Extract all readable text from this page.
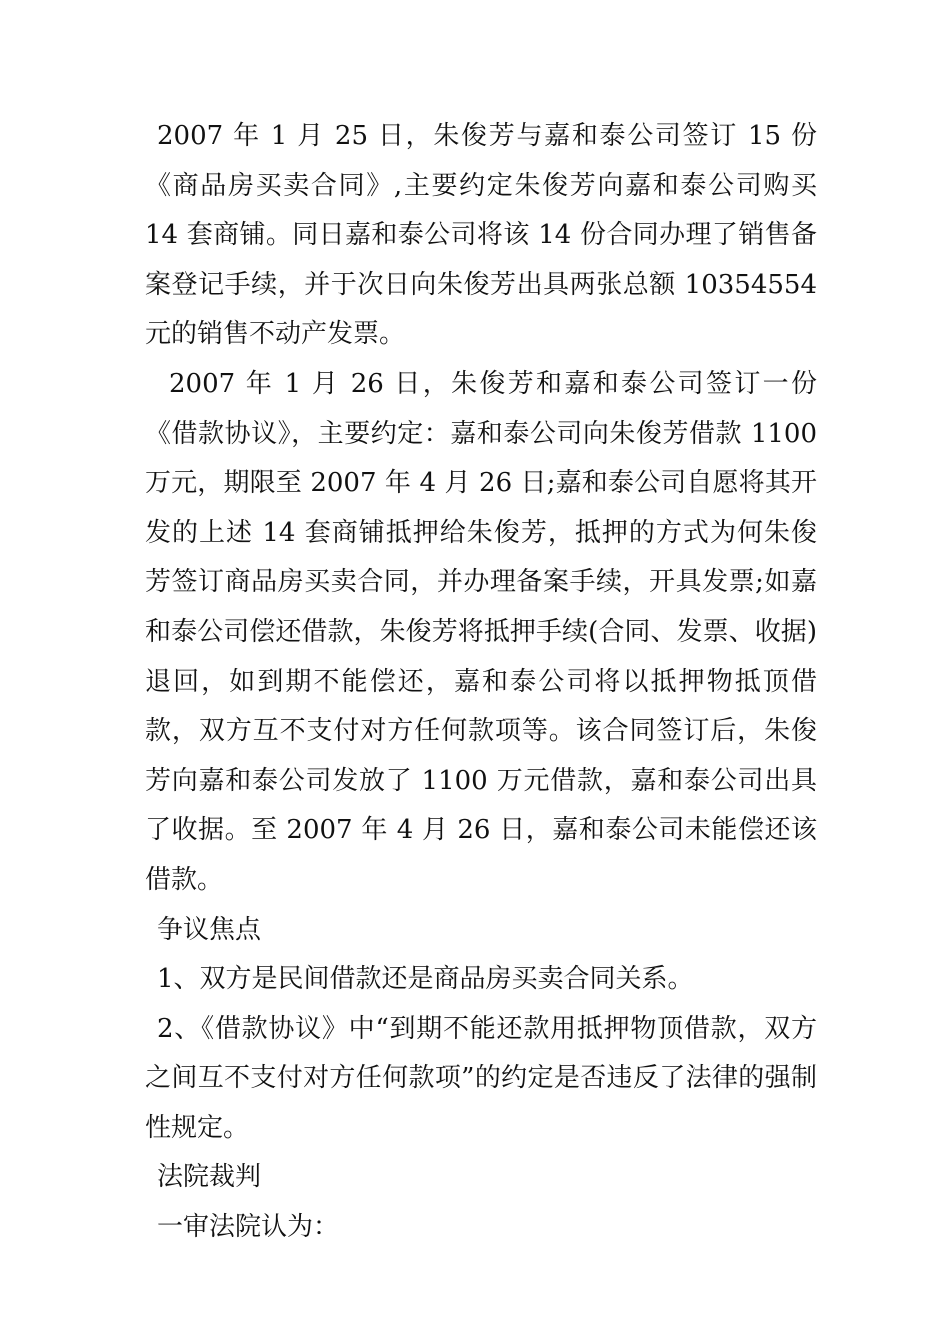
2007 年 1 月 25 日，朱俊芳与嘉和泰公司签订 15 份《商品房买卖合同》,主要约定朱俊芳向嘉和泰公司购买 14 套商铺。同日嘉和泰公司将该 14 份合同办理了销售备案登记手续，并于次日向朱俊芳出具两张总额 10354554 元的销售不动产发票。

2007 年 1 月 26 日，朱俊芳和嘉和泰公司签订一份《借款协议》，主要约定：嘉和泰公司向朱俊芳借款 1100 万元，期限至 2007 年 4 月 26 日;嘉和泰公司自愿将其开发的上述 14 套商铺抵押给朱俊芳，抵押的方式为何朱俊芳签订商品房买卖合同，并办理备案手续，开具发票;如嘉和泰公司偿还借款，朱俊芳将抵押手续(合同、发票、收据)退回，如到期不能偿还，嘉和泰公司将以抵押物抵顶借款，双方互不支付对方任何款项等。该合同签订后，朱俊芳向嘉和泰公司发放了 1100 万元借款，嘉和泰公司出具了收据。至 2007 年 4 月 26 日，嘉和泰公司未能偿还该借款。

争议焦点

1、双方是民间借款还是商品房买卖合同关系。

2、《借款协议》中“到期不能还款用抵押物顶借款，双方之间互不支付对方任何款项”的约定是否违反了法律的强制性规定。

法院裁判

一审法院认为：
